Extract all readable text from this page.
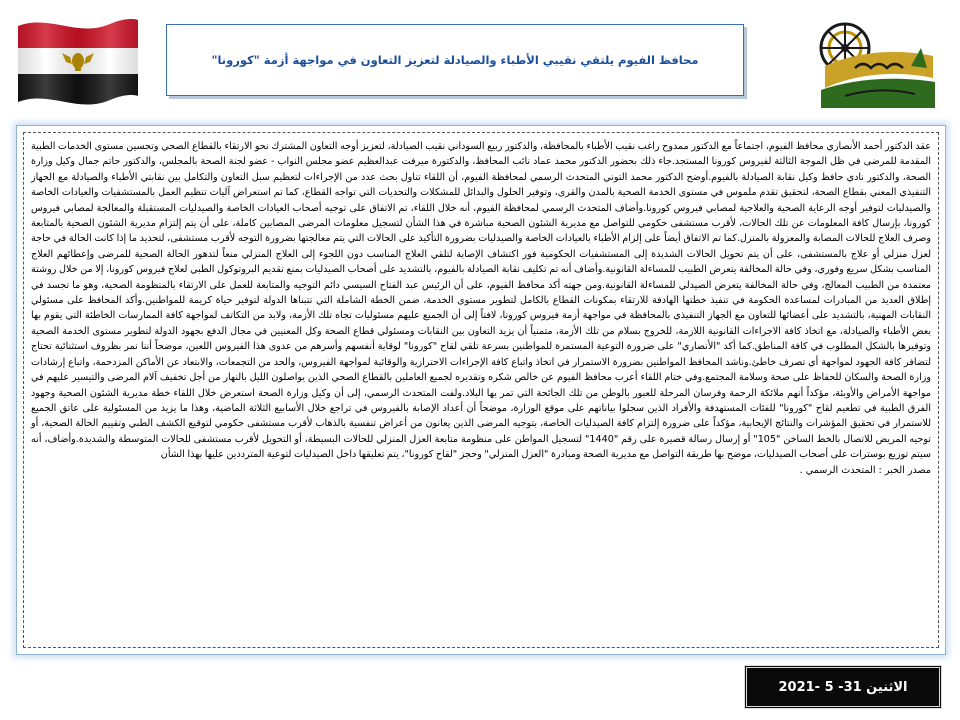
محافظ الفيوم يلتقي نقيبي الأطباء والصيادلة لتعزيز التعاون في مواجهة أزمة "كورونا"

عقد الدكتور أحمد الأنصاري محافظ الفيوم، اجتماعاً مع الدكتور ممدوح راغب نقيب الأطباء بالمحافظة، والدكتور ربيع السوداني نقيب الصيادلة، لتعزيز أوجه التعاون المشترك نحو الارتقاء بالقطاع الصحي وتحسين مستوى الخدمات الطبية المقدمة للمرضى في ظل الموجة الثالثة لفيروس كورونا المستجد.جاء ذلك بحضور الدكتور محمد عماد نائب المحافظ، والدكتورة ميرفت عبدالعظيم عضو مجلس النواب - عضو لجنة الصحة بالمجلس، والدكتور حاتم جمال وكيل وزارة الصحة، والدكتور نادي حافظ وكيل نقابة الصيادلة بالفيوم.أوضح الدكتور محمد التوني المتحدث الرسمي لمحافظة الفيوم، أن اللقاء تناول بحث عدد من الإجراءات لتعظيم سبل التعاون والتكامل بين نقابتي الأطباء والصيادلة مع الجهاز التنفيذي المعني بقطاع الصحة، لتحقيق تقدم ملموس في مستوى الخدمة الصحية بالمدن والقرى، وتوفير الحلول والبدائل للمشكلات والتحديات التي تواجه القطاع، كما تم استعراض آليات تنظيم العمل بالمستشفيات والعيادات الخاصة والصيدليات لتوفير أوجه الرعاية الصحية والعلاجية لمصابي فيروس كورونا.وأضاف المتحدث الرسمي لمحافظة الفيوم، أنه خلال اللقاء، تم الاتفاق على توجيه أصحاب العيادات الخاصة والصيدليات المستقبلة والمعالجة لمصابي فيروس كورونا، بإرسال كافة المعلومات عن تلك الحالات، لأقرب مستشفى حكومي للتواصل مع مديرية الشئون الصحية مباشرة في هذا الشأن لتسجيل معلومات المرضى المصابين كاملة، على أن يتم إلتزام مديرية الشئون الصحية بالمتابعة وصرف العلاج للحالات المصابة والمعزولة بالمنزل.كما تم الاتفاق أيضاً على إلزام الأطباء بالعيادات الخاصة والصيدليات بضرورة التأكيد على الحالات التي يتم معالجتها بضرورة التوجه لأقرب مستشفى، لتحديد ما إذا كانت الحالة في حاجة لعزل منزلي أو علاج بالمستشفى، على أن يتم تحويل الحالات الشديدة إلى المستشفيات الحكومية فور اكتشاف الإصابة لتلقي العلاج المناسب دون اللجوء إلى العلاج المنزلي منعاً لتدهور الحالة الصحية للمرضى وإعطائهم العلاج المناسب بشكل سريع وفوري، وفي حالة المخالفة يتعرض الطبيب للمساءلة القانونية.وأضاف أنه تم تكليف نقابة الصيادلة بالفيوم، بالتشديد على أصحاب الصيدليات بمنع تقديم البروتوكول الطبي لعلاج فيروس كورونا، إلا من خلال روشتة معتمدة من الطبيب المعالج، وفي حالة المخالفة يتعرض الصيدلي للمساءلة القانونية.ومن جهته أكد محافظ الفيوم، على أن الرئيس عبد الفتاح السيسي دائم التوجيه والمتابعة للعمل على الارتقاء بالمنظومة الصحية، وهو ما تجسد في إطلاق العديد من المبادرات لمساعدة الحكومة في تنفيذ خطتها الهادفة للارتقاء بمكونات القطاع بالكامل لتطوير مستوى الخدمة، ضمن الخطة الشاملة التي تتبناها الدولة لتوفير حياة كريمة للمواطنين.وأكد المحافظ على مسئولي النقابات المهنية، بالتشديد على أعضائها للتعاون مع الجهاز التنفيذي بالمحافظة في مواجهة أزمة فيروس كورونا، لافتاً إلى أن الجميع عليهم مسئوليات تجاه تلك الأزمة، ولابد من التكاتف لمواجهة كافة الممارسات الخاطئة التي يقوم بها بعض الأطباء والصيادلة، مع اتخاذ كافة الاجراءات القانونية اللازمة، للخروج بسلام من تلك الأزمة، متمنياً أن يزيد التعاون بين النقابات ومسئولي قطاع الصحة وكل المعنيين في مجال الدفع بجهود الدولة لتطوير مستوى الخدمة الصحية وتوفيرها بالشكل المطلوب في كافة المناطق.كما أكد "الأنصاري" على ضرورة التوعية المستمرة للمواطنين بسرعة تلقي لقاح "كورونا" لوقاية أنفسهم وأسرهم من عدوى هذا الفيروس اللعين، موضحاً أننا نمر بظروف استثنائية تحتاج لتضافر كافة الجهود لمواجهة أي تصرف خاطئ.وناشد المحافظ المواطنين بضرورة الاستمرار في اتخاذ واتباع كافة الإجراءات الاحترازية والوقائية لمواجهة الفيروس، والحد من التجمعات، والابتعاد عن الأماكن المزدحمة، واتباع إرشادات وزارة الصحة والسكان للحفاظ على صحة وسلامة المجتمع.وفي ختام اللقاء أعرب محافظ الفيوم عن خالص شكره وتقديره لجميع العاملين بالقطاع الصحي الذين يواصلون الليل بالنهار من أجل تخفيف آلام المرضى والتيسير عليهم في مواجهة الأمراض والأوبئة، مؤكداً أنهم ملائكة الرحمة وفرسان المرحلة للعبور بالوطن من تلك الجائحة التي تمر بها البلاد.ولفت المتحدث الرسمي، إلى أن وكيل وزارة الصحة استعرض خلال اللقاء خطة مديرية الشئون الصحية وجهود الفرق الطبية في تطعيم لقاح "كورونا" للفئات المستهدفة والأفراد الذين سجلوا بياناتهم على موقع الوزارة، موضحاً أن أعداد الإصابة بالفيروس في تراجع خلال الأسابيع الثلاثة الماضية، وهذا ما يزيد من المسئولية على عاتق الجميع للاستمرار في تحقيق المؤشرات والنتائج الإيجابية، مؤكداً على ضرورة إلتزام كافة الصيدليات الخاصة، بتوجيه المرضى الذين يعانون من أعراض تنفسية بالذهاب لأقرب مستشفى حكومي لتوقيع الكشف الطبي وتقييم الحالة الصحية، أو توجيه المريض للاتصال بالخط الساخن "105" أو إرسال رسالة قصيرة على رقم "1440" لتسجيل المواطن على منظومة متابعة العزل المنزلي للحالات البسيطة، أو التحويل لأقرب مستشفى للحالات المتوسطة والشديدة.وأضاف، أنه سيتم توزيع بوسترات على أصحاب الصيدليات، موضح بها طريقة التواصل مع مديرية الصحة ومبادرة "العزل المنزلي" وحجز "لقاح كورونا"، يتم تعليقها داخل الصيدليات لتوعية المترددين عليها بهذا الشأن

مصدر الخبر : المتحدث الرسمي .

الاثنين 31- 5 -2021
